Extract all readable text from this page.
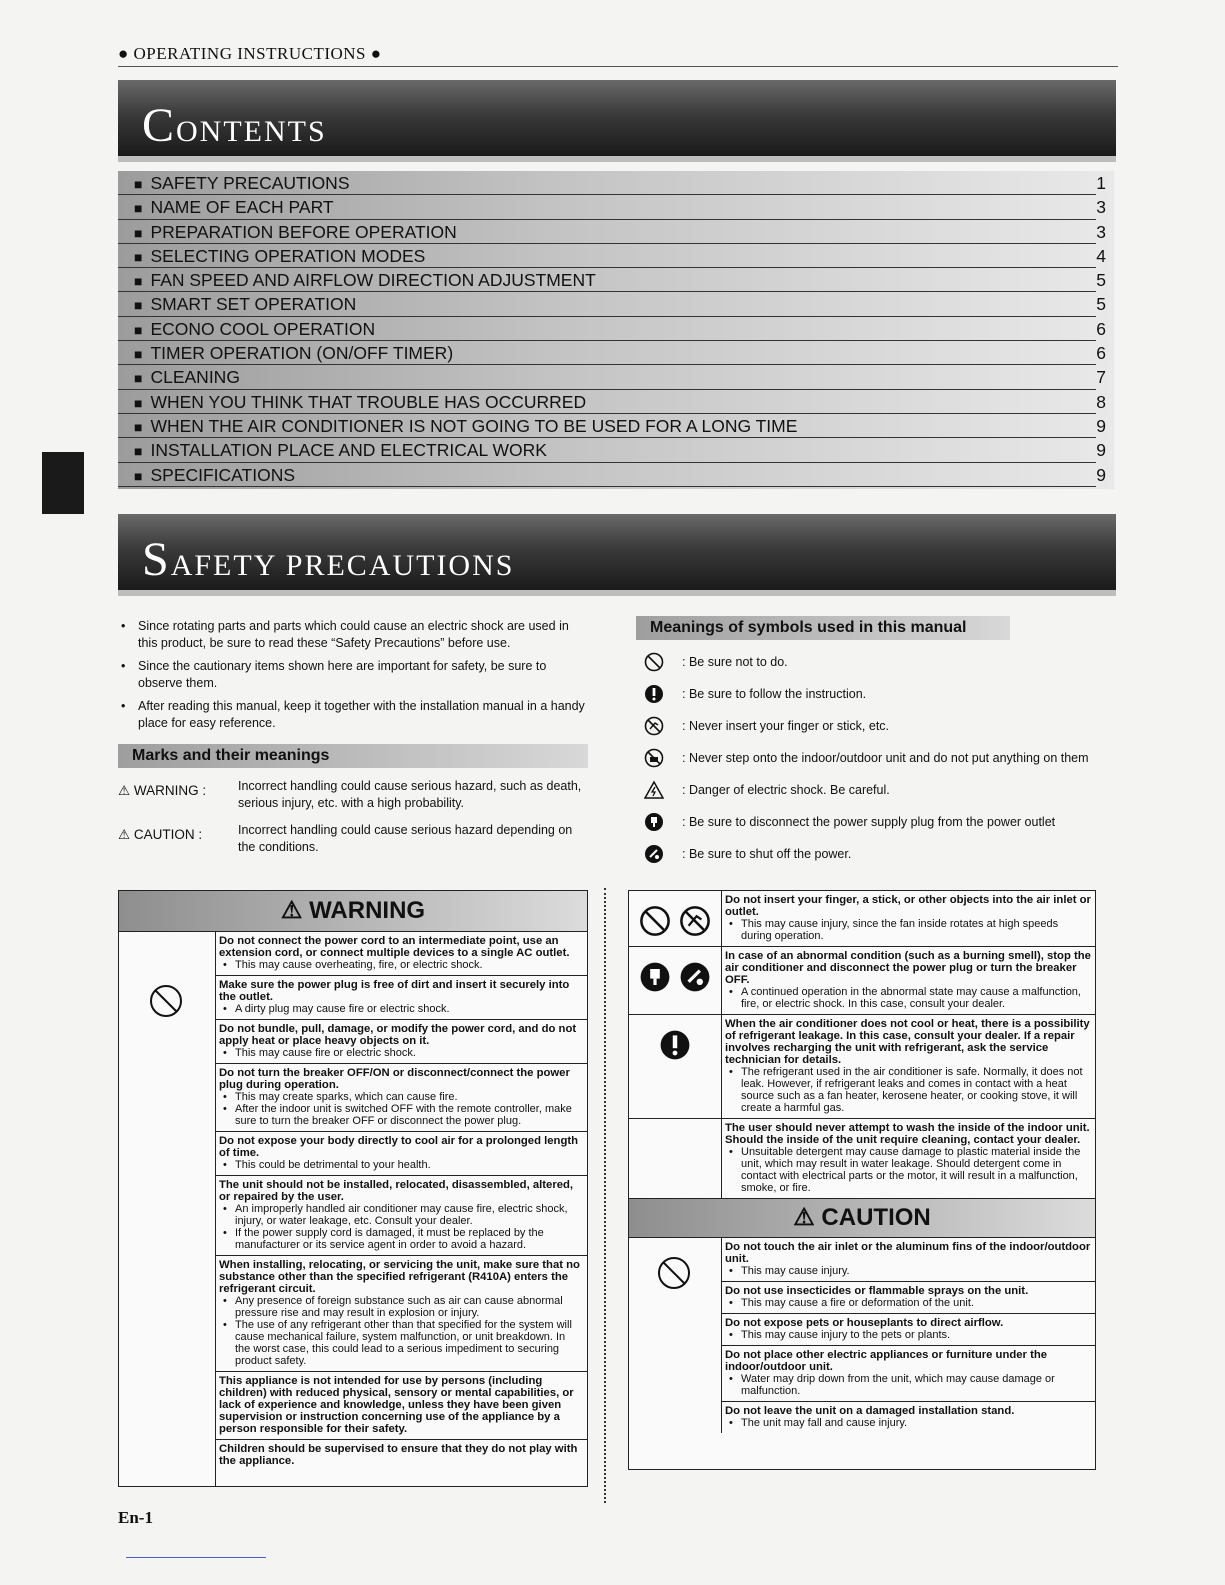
● OPERATING INSTRUCTIONS ●
CONTENTS
■ SAFETY PRECAUTIONS	1
■ NAME OF EACH PART	3
■ PREPARATION BEFORE OPERATION	3
■ SELECTING OPERATION MODES	4
■ FAN SPEED AND AIRFLOW DIRECTION ADJUSTMENT	5
■ SMART SET OPERATION	5
■ ECONO COOL OPERATION	6
■ TIMER OPERATION (ON/OFF TIMER)	6
■ CLEANING	7
■ WHEN YOU THINK THAT TROUBLE HAS OCCURRED	8
■ WHEN THE AIR CONDITIONER IS NOT GOING TO BE USED FOR A LONG TIME	9
■ INSTALLATION PLACE AND ELECTRICAL WORK	9
■ SPECIFICATIONS	9
SAFETY PRECAUTIONS
• Since rotating parts and parts which could cause an electric shock are used in this product, be sure to read these “Safety Precautions” before use.
• Since the cautionary items shown here are important for safety, be sure to observe them.
• After reading this manual, keep it together with the installation manual in a handy place for easy reference.
Marks and their meanings
⚠ WARNING :	Incorrect handling could cause serious hazard, such as death, serious injury, etc. with a high probability.
⚠ CAUTION :	Incorrect handling could cause serious hazard depending on the conditions.
Meanings of symbols used in this manual
: Be sure not to do.
: Be sure to follow the instruction.
: Never insert your finger or stick, etc.
: Never step onto the indoor/outdoor unit and do not put anything on them
: Danger of electric shock. Be careful.
: Be sure to disconnect the power supply plug from the power outlet
: Be sure to shut off the power.
⚠ WARNING
Do not connect the power cord to an intermediate point, use an extension cord, or connect multiple devices to a single AC outlet.
• This may cause overheating, fire, or electric shock.
Make sure the power plug is free of dirt and insert it securely into the outlet.
• A dirty plug may cause fire or electric shock.
Do not bundle, pull, damage, or modify the power cord, and do not apply heat or place heavy objects on it.
• This may cause fire or electric shock.
Do not turn the breaker OFF/ON or disconnect/connect the power plug during operation.
• This may create sparks, which can cause fire.
• After the indoor unit is switched OFF with the remote controller, make sure to turn the breaker OFF or disconnect the power plug.
Do not expose your body directly to cool air for a prolonged length of time.
• This could be detrimental to your health.
The unit should not be installed, relocated, disassembled, altered, or repaired by the user.
• An improperly handled air conditioner may cause fire, electric shock, injury, or water leakage, etc. Consult your dealer.
• If the power supply cord is damaged, it must be replaced by the manufacturer or its service agent in order to avoid a hazard.
When installing, relocating, or servicing the unit, make sure that no substance other than the specified refrigerant (R410A) enters the refrigerant circuit.
• Any presence of foreign substance such as air can cause abnormal pressure rise and may result in explosion or injury.
• The use of any refrigerant other than that specified for the system will cause mechanical failure, system malfunction, or unit breakdown. In the worst case, this could lead to a serious impediment to securing product safety.
This appliance is not intended for use by persons (including children) with reduced physical, sensory or mental capabilities, or lack of experience and knowledge, unless they have been given supervision or instruction concerning use of the appliance by a person responsible for their safety.
Children should be supervised to ensure that they do not play with the appliance.
Do not insert your finger, a stick, or other objects into the air inlet or outlet.
• This may cause injury, since the fan inside rotates at high speeds during operation.
In case of an abnormal condition (such as a burning smell), stop the air conditioner and disconnect the power plug or turn the breaker OFF.
• A continued operation in the abnormal state may cause a malfunction, fire, or electric shock. In this case, consult your dealer.
When the air conditioner does not cool or heat, there is a possibility of refrigerant leakage. In this case, consult your dealer. If a repair involves recharging the unit with refrigerant, ask the service technician for details.
• The refrigerant used in the air conditioner is safe. Normally, it does not leak. However, if refrigerant leaks and comes in contact with a heat source such as a fan heater, kerosene heater, or cooking stove, it will create a harmful gas.
The user should never attempt to wash the inside of the indoor unit. Should the inside of the unit require cleaning, contact your dealer.
• Unsuitable detergent may cause damage to plastic material inside the unit, which may result in water leakage. Should detergent come in contact with electrical parts or the motor, it will result in a malfunction, smoke, or fire.
⚠ CAUTION
Do not touch the air inlet or the aluminum fins of the indoor/outdoor unit.
• This may cause injury.
Do not use insecticides or flammable sprays on the unit.
• This may cause a fire or deformation of the unit.
Do not expose pets or houseplants to direct airflow.
• This may cause injury to the pets or plants.
Do not place other electric appliances or furniture under the indoor/outdoor unit.
• Water may drip down from the unit, which may cause damage or malfunction.
Do not leave the unit on a damaged installation stand.
• The unit may fall and cause injury.
En-1
